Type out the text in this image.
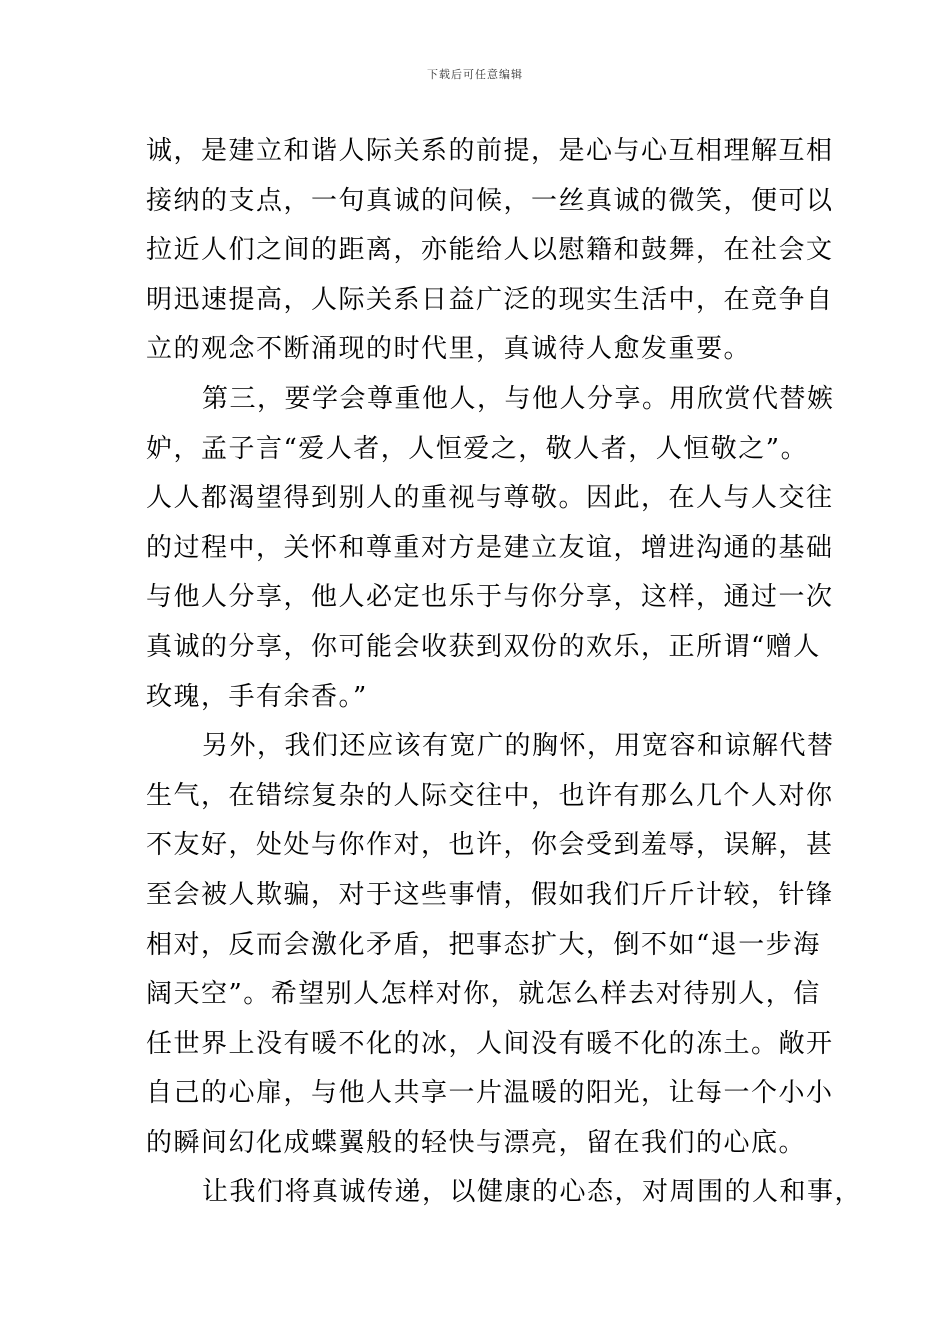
下载后可任意编辑
诚，是建立和谐人际关系的前提，是心与心互相理解互相
接纳的支点，一句真诚的问候，一丝真诚的微笑，便可以
拉近人们之间的距离，亦能给人以慰籍和鼓舞，在社会文
明迅速提高，人际关系日益广泛的现实生活中，在竞争自
立的观念不断涌现的时代里，真诚待人愈发重要。
第三，要学会尊重他人，与他人分享。用欣赏代替嫉
妒，孟子言“爱人者，人恒爱之，敬人者，人恒敬之”。
人人都渴望得到别人的重视与尊敬。因此，在人与人交往
的过程中，关怀和尊重对方是建立友谊，增进沟通的基础
与他人分享，他人必定也乐于与你分享，这样，通过一次
真诚的分享，你可能会收获到双份的欢乐，正所谓“赠人
玫瑰，手有余香。”
另外，我们还应该有宽广的胸怀，用宽容和谅解代替
生气，在错综复杂的人际交往中，也许有那么几个人对你
不友好，处处与你作对，也许，你会受到羞辱，误解，甚
至会被人欺骗，对于这些事情，假如我们斤斤计较，针锋
相对，反而会激化矛盾，把事态扩大，倒不如“退一步海
阔天空”。希望别人怎样对你，就怎么样去对待别人，信
任世界上没有暖不化的冰，人间没有暖不化的冻土。敞开
自己的心扉，与他人共享一片温暖的阳光，让每一个小小
的瞬间幻化成蝶翼般的轻快与漂亮，留在我们的心底。
让我们将真诚传递，以健康的心态，对周围的人和事，
